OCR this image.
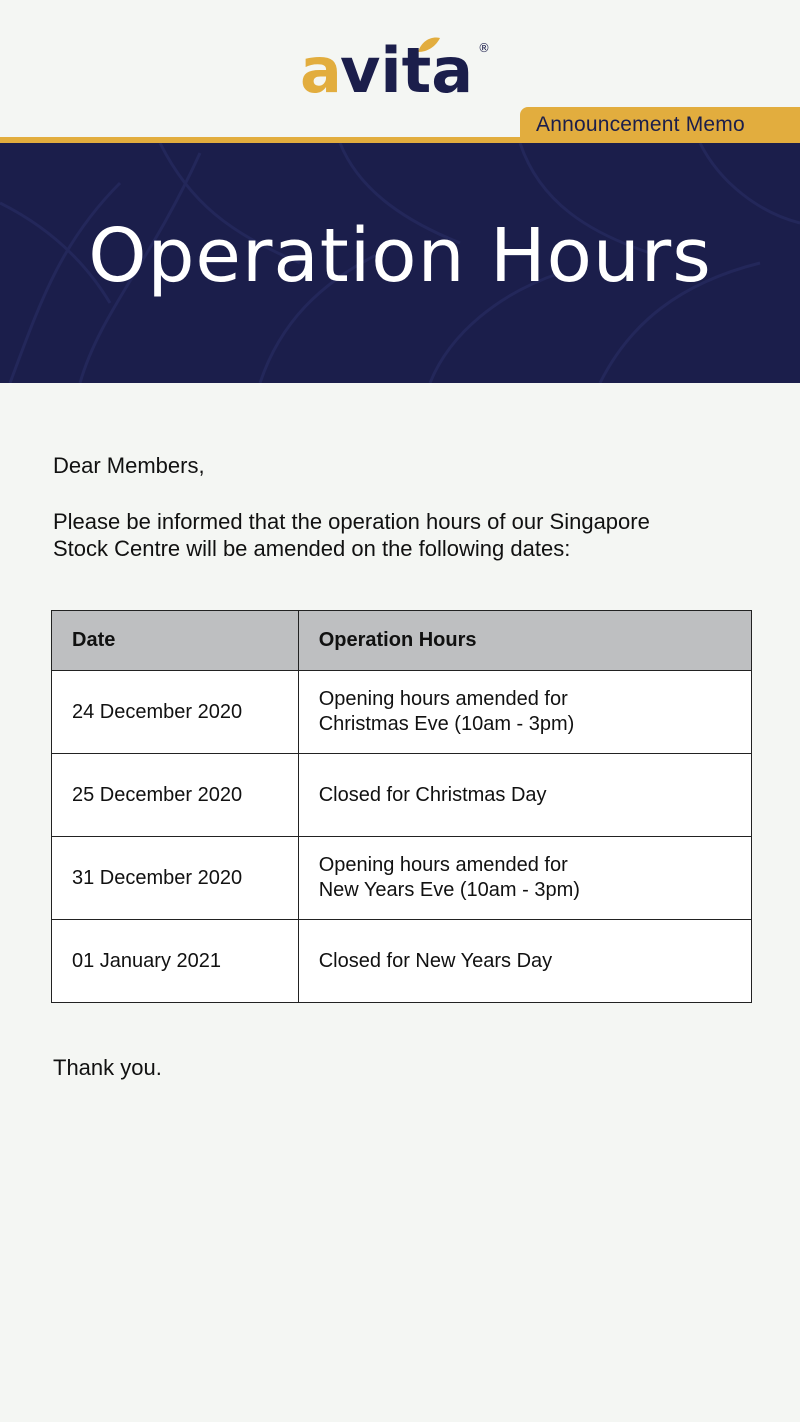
a
vita ®
Announcement Memo
Operation Hours
Dear Members,
Please be informed that the operation hours of our Singapore
Stock Centre will be amended on the following dates:
Date	Operation Hours
24 December 2020	Opening hours amended for
Christmas Eve (10am - 3pm)

25 December 2020	Closed for Christmas Day

31 December 2020	Opening hours amended for
New Years Eve (10am - 3pm)

01 January 2021	Closed for New Years Day
Thank you.
